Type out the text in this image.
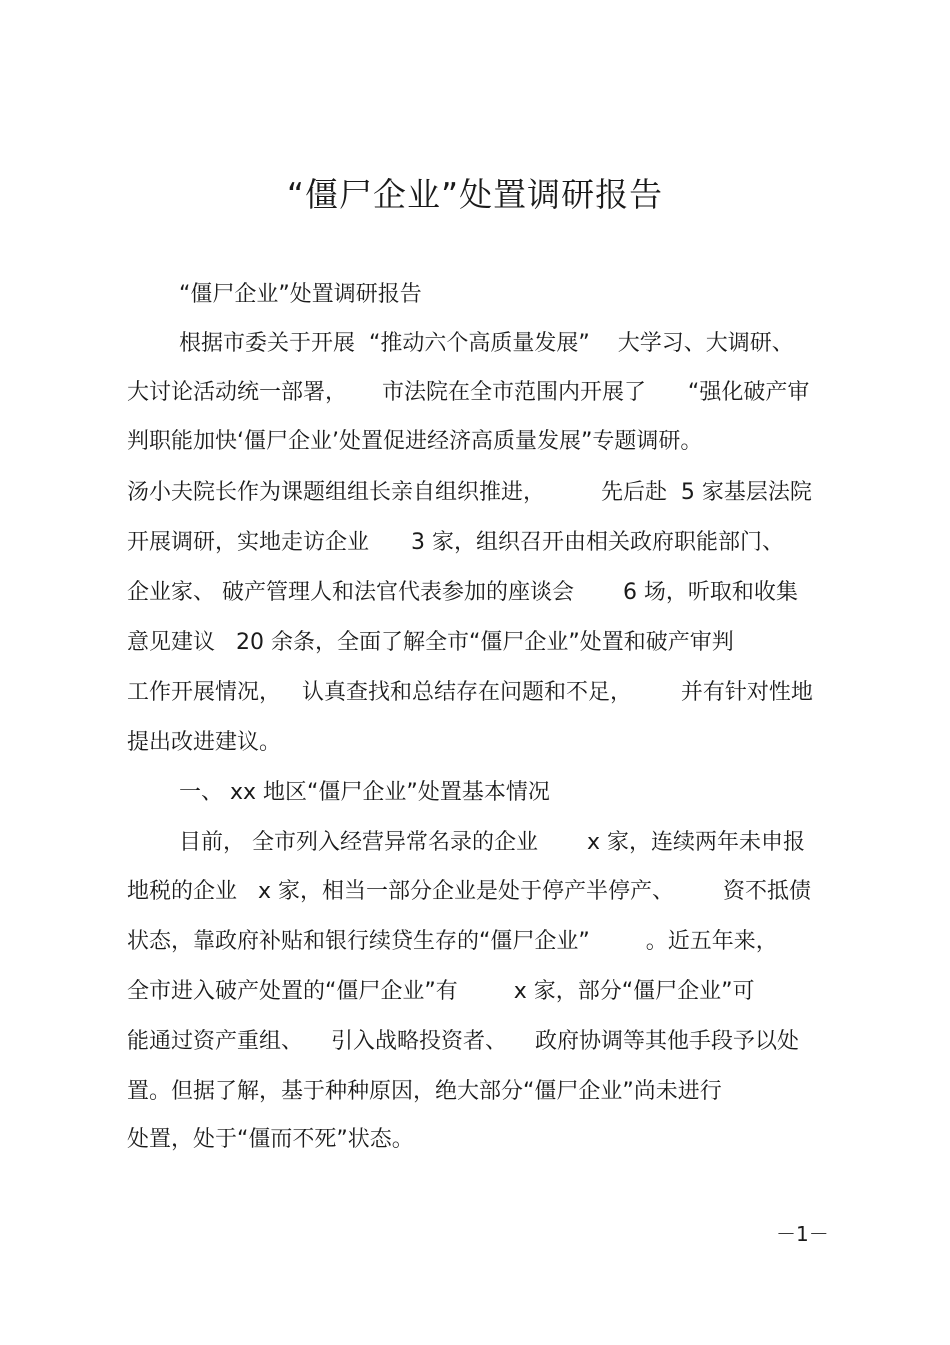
“僵尸企业”处置调研报告
“僵尸企业”处置调研报告
根据市委关于开展  “推动六个高质量发展”    大学习、大调研、
大讨论活动统一部署，     市法院在全市范围内开展了      “强化破产审
判职能加快‘僵尸企业’处置促进经济高质量发展”专题调研。
汤小夫院长作为课题组组长亲自组织推进，        先后赴  5 家基层法院
开展调研，实地走访企业      3 家，组织召开由相关政府职能部门、
企业家、 破产管理人和法官代表参加的座谈会       6 场，听取和收集
意见建议   20 余条，全面了解全市“僵尸企业”处置和破产审判
工作开展情况，   认真查找和总结存在问题和不足，       并有针对性地
提出改进建议。
一、 xx 地区“僵尸企业”处置基本情况
目前， 全市列入经营异常名录的企业       x 家，连续两年未申报
地税的企业   x 家，相当一部分企业是处于停产半停产、       资不抵债
状态，靠政府补贴和银行续贷生存的“僵尸企业”        。近五年来，
全市进入破产处置的“僵尸企业”有        x 家，部分“僵尸企业”可
能通过资产重组、    引入战略投资者、    政府协调等其他手段予以处
置。但据了解，基于种种原因，绝大部分“僵尸企业”尚未进行
处置，处于“僵而不死”状态。
－1－
